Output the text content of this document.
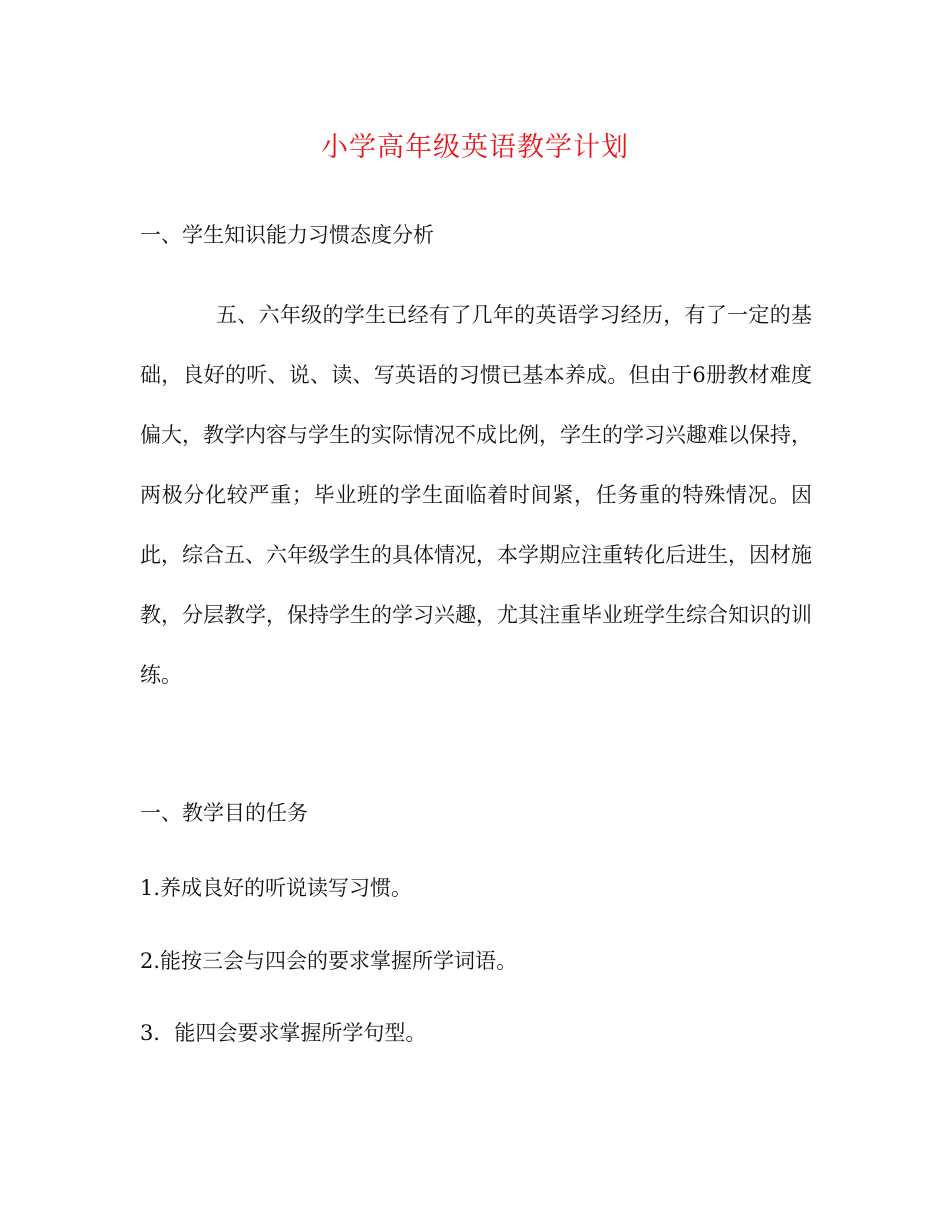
小学高年级英语教学计划
一、学生知识能力习惯态度分析
五、六年级的学生已经有了几年的英语学习经历，有了一定的基础，良好的听、说、读、写英语的习惯已基本养成。但由于6册教材难度偏大，教学内容与学生的实际情况不成比例，学生的学习兴趣难以保持，两极分化较严重；毕业班的学生面临着时间紧，任务重的特殊情况。因此，综合五、六年级学生的具体情况，本学期应注重转化后进生，因材施教，分层教学，保持学生的学习兴趣，尤其注重毕业班学生综合知识的训练。
一、教学目的任务
1.养成良好的听说读写习惯。
2.能按三会与四会的要求掌握所学词语。
3．能四会要求掌握所学句型。
